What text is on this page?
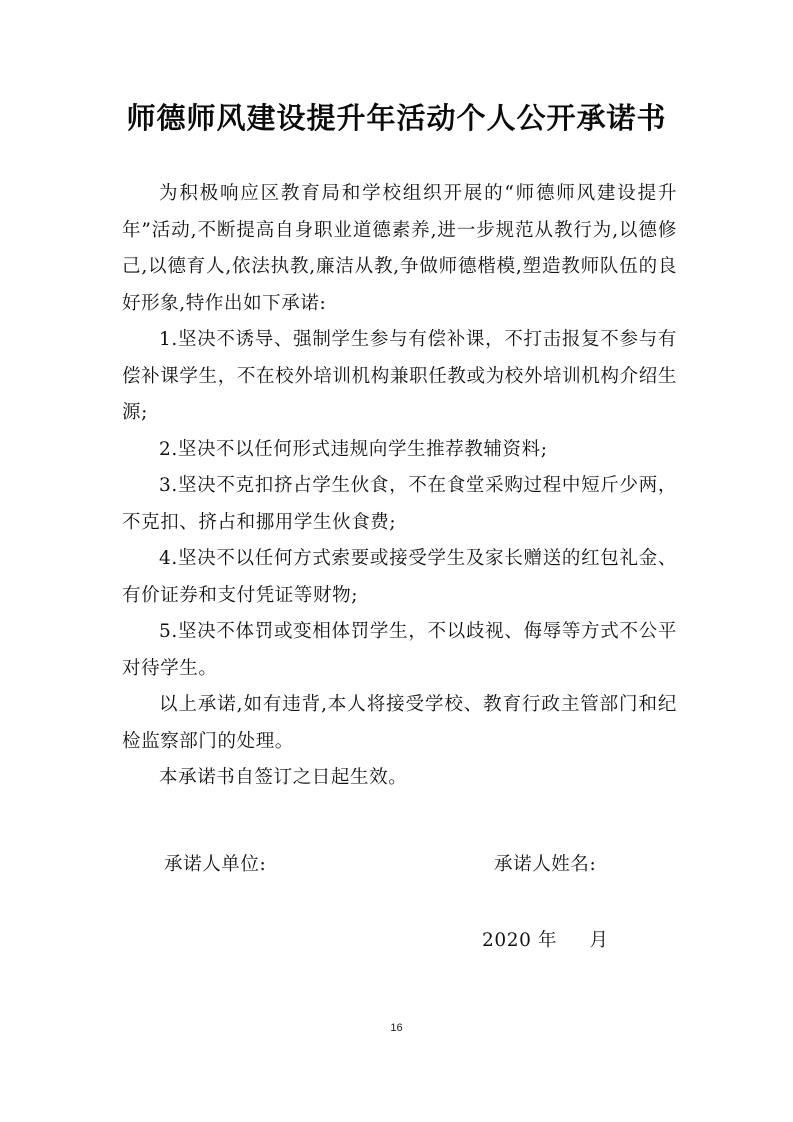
师德师风建设提升年活动个人公开承诺书

为积极响应区教育局和学校组织开展的“师德师风建设提升年”活动,不断提高自身职业道德素养,进一步规范从教行为,以德修己,以德育人,依法执教,廉洁从教,争做师德楷模,塑造教师队伍的良好形象,特作出如下承诺:

1.坚决不诱导、强制学生参与有偿补课，不打击报复不参与有偿补课学生，不在校外培训机构兼职任教或为校外培训机构介绍生源;

2.坚决不以任何形式违规向学生推荐教辅资料;

3.坚决不克扣挤占学生伙食，不在食堂采购过程中短斤少两，不克扣、挤占和挪用学生伙食费;

4.坚决不以任何方式索要或接受学生及家长赠送的红包礼金、有价证券和支付凭证等财物;

5.坚决不体罚或变相体罚学生，不以歧视、侮辱等方式不公平对待学生。

以上承诺,如有违背,本人将接受学校、教育行政主管部门和纪检监察部门的处理。

本承诺书自签订之日起生效。

承诺人单位:	承诺人姓名:
2020 年     月
16
